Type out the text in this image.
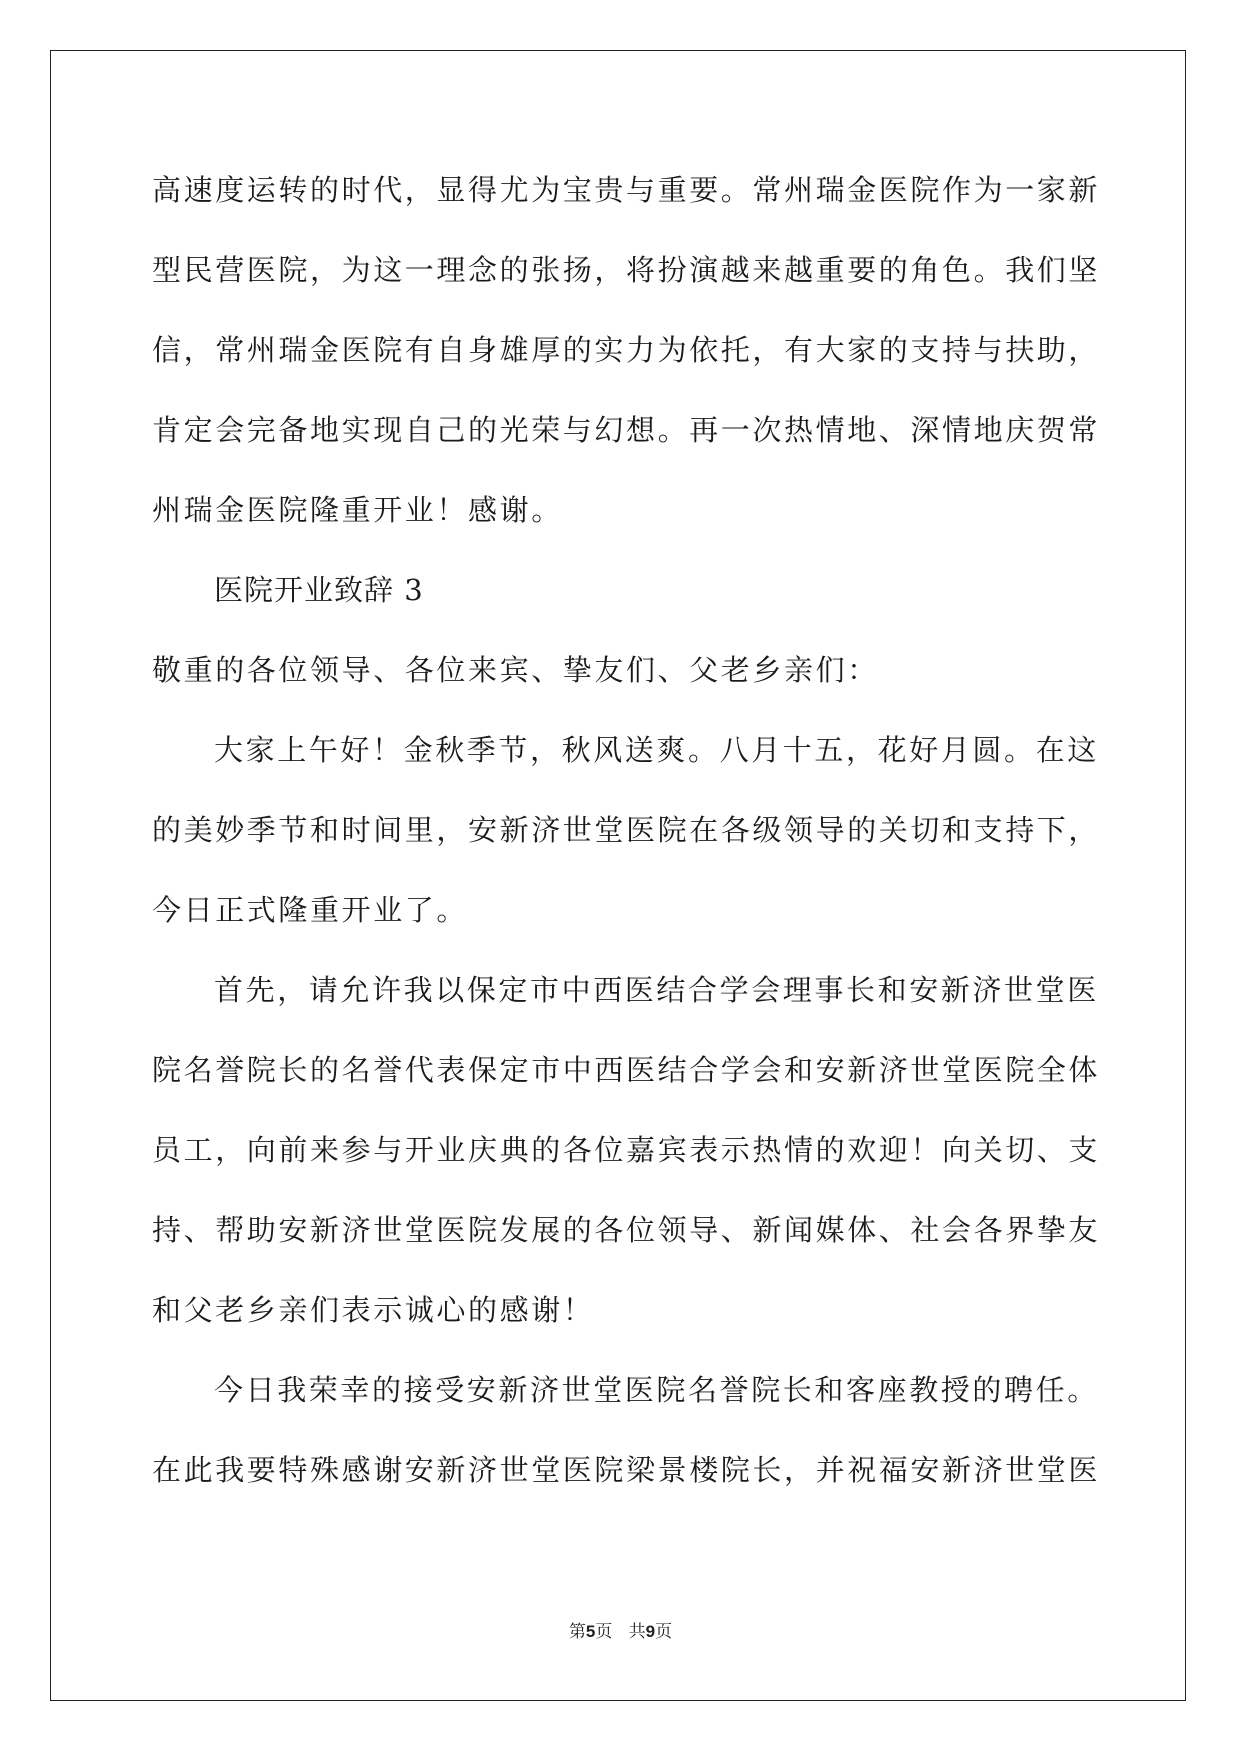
高速度运转的时代，显得尤为宝贵与重要。常州瑞金医院作为一家新
型民营医院，为这一理念的张扬，将扮演越来越重要的角色。我们坚
信，常州瑞金医院有自身雄厚的实力为依托，有大家的支持与扶助，
肯定会完备地实现自己的光荣与幻想。再一次热情地、深情地庆贺常
州瑞金医院隆重开业！感谢。
医院开业致辞 3
敬重的各位领导、各位来宾、挚友们、父老乡亲们：
大家上午好！金秋季节，秋风送爽。八月十五，花好月圆。在这
的美妙季节和时间里，安新济世堂医院在各级领导的关切和支持下，
今日正式隆重开业了。
首先，请允许我以保定市中西医结合学会理事长和安新济世堂医
院名誉院长的名誉代表保定市中西医结合学会和安新济世堂医院全体
员工，向前来参与开业庆典的各位嘉宾表示热情的欢迎！向关切、支
持、帮助安新济世堂医院发展的各位领导、新闻媒体、社会各界挚友
和父老乡亲们表示诚心的感谢！
今日我荣幸的接受安新济世堂医院名誉院长和客座教授的聘任。
在此我要特殊感谢安新济世堂医院梁景楼院长，并祝福安新济世堂医
第5页 共9页
